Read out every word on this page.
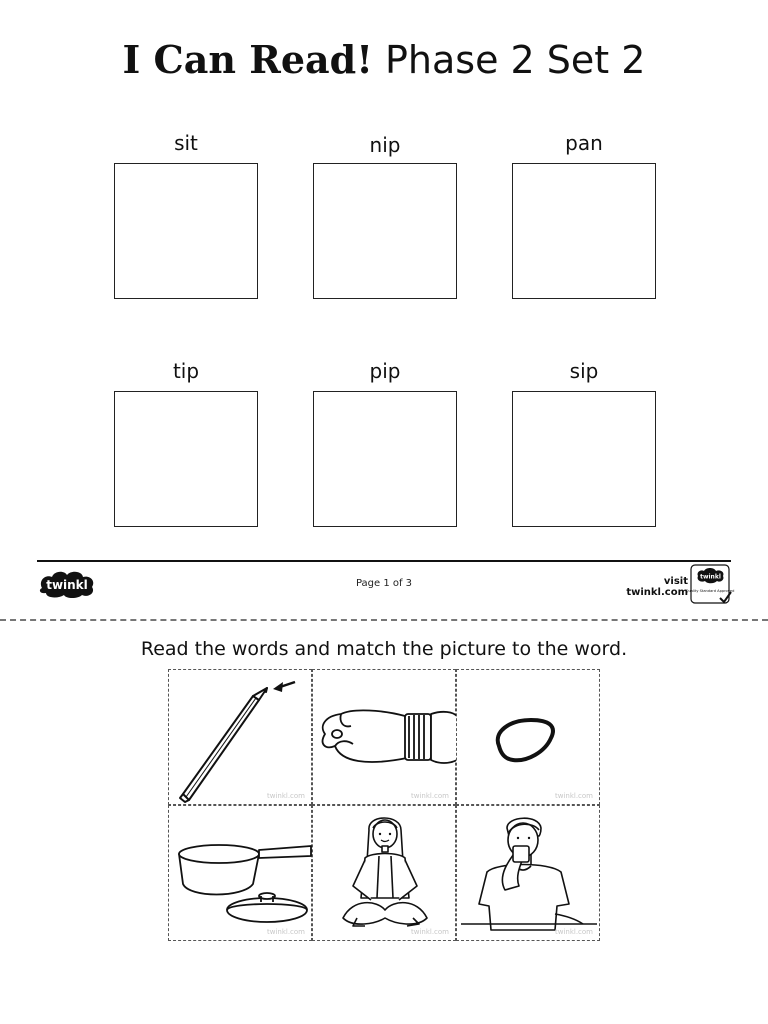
I Can Read! Phase 2 Set 2
sit	nip	pan
tip	pip	sip
twinkl	Page 1 of 3	visit twinkl.com
twinkl
Quality Standard Approved
Read the words and match the picture to the word.
twinkl.com	twinkl.com	twinkl.com
twinkl.com	twinkl.com	twinkl.com
